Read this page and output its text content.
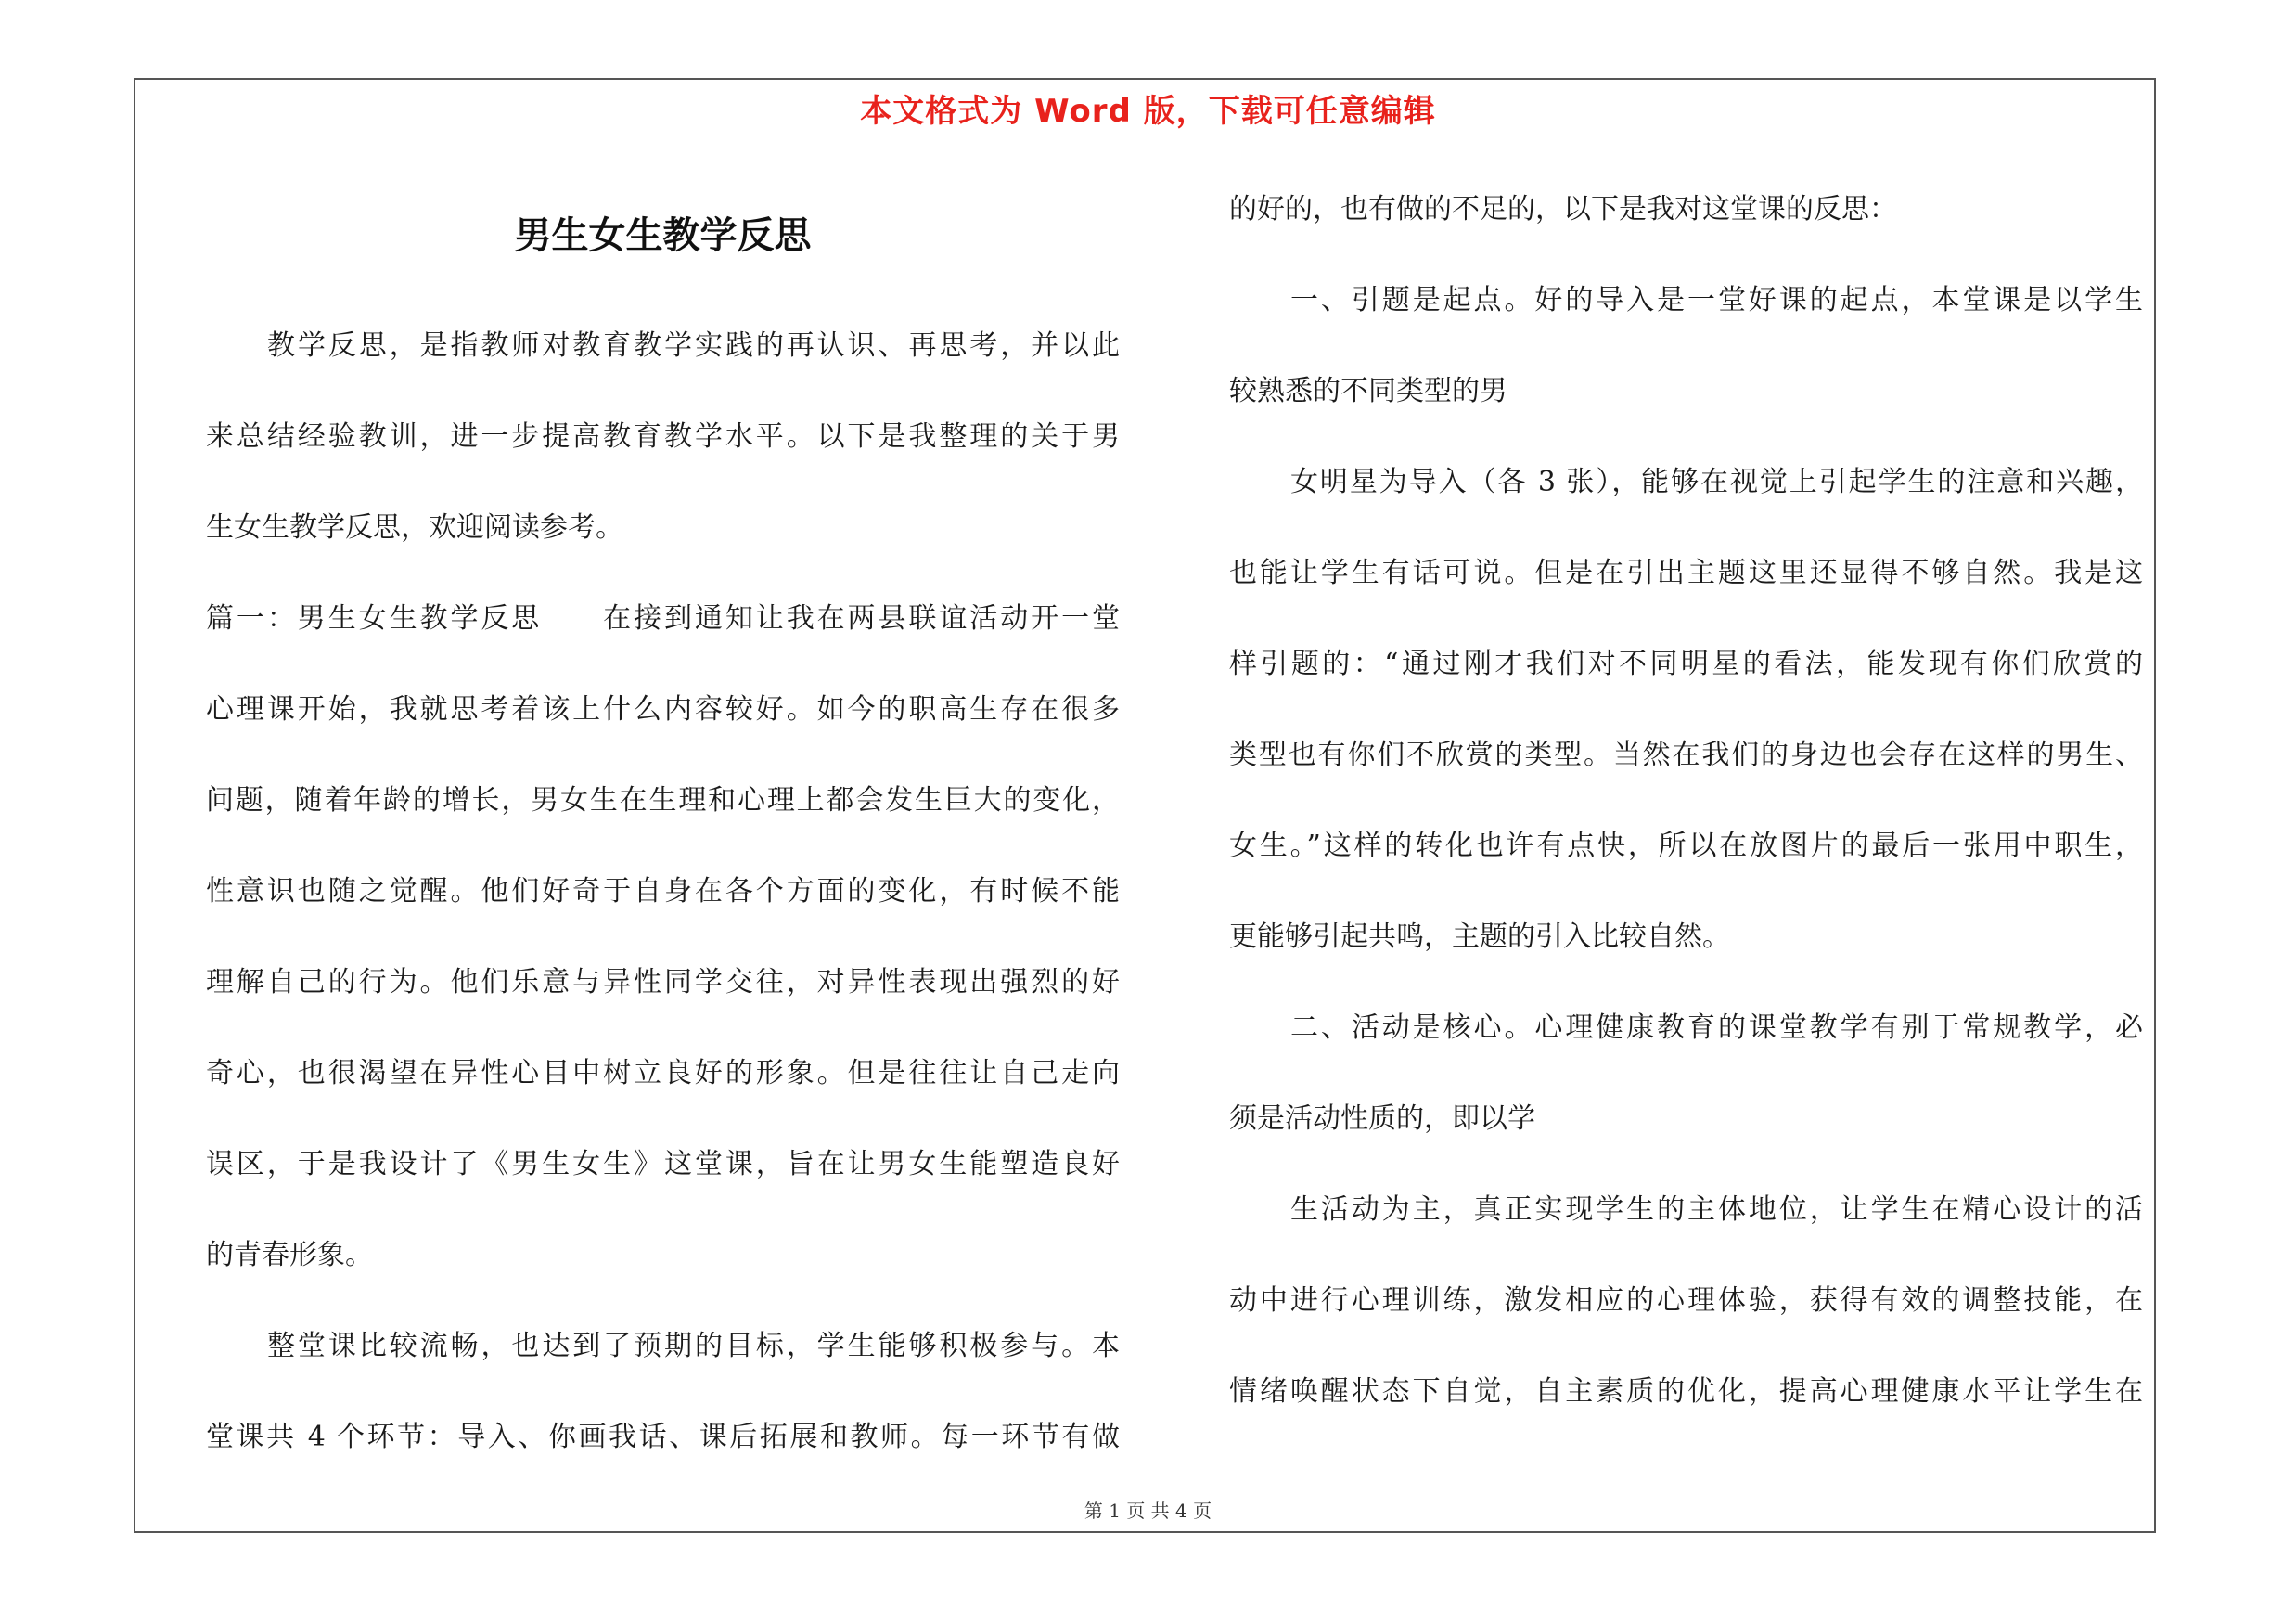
本文格式为 Word 版，下载可任意编辑
男生女生教学反思
教学反思，是指教师对教育教学实践的再认识、再思考，并以此
来总结经验教训，进一步提高教育教学水平。以下是我整理的关于男
生女生教学反思，欢迎阅读参考。
篇一：男生女生教学反思　　在接到通知让我在两县联谊活动开一堂
心理课开始，我就思考着该上什么内容较好。如今的职高生存在很多
问题，随着年龄的增长，男女生在生理和心理上都会发生巨大的变化，
性意识也随之觉醒。他们好奇于自身在各个方面的变化，有时候不能
理解自己的行为。他们乐意与异性同学交往，对异性表现出强烈的好
奇心，也很渴望在异性心目中树立良好的形象。但是往往让自己走向
误区，于是我设计了《男生女生》这堂课，旨在让男女生能塑造良好
的青春形象。
整堂课比较流畅，也达到了预期的目标，学生能够积极参与。本
堂课共 4 个环节：导入、你画我话、课后拓展和教师。每一环节有做
的好的，也有做的不足的，以下是我对这堂课的反思：
一、引题是起点。好的导入是一堂好课的起点，本堂课是以学生
较熟悉的不同类型的男
女明星为导入（各 3 张），能够在视觉上引起学生的注意和兴趣，
也能让学生有话可说。但是在引出主题这里还显得不够自然。我是这
样引题的：“通过刚才我们对不同明星的看法，能发现有你们欣赏的
类型也有你们不欣赏的类型。当然在我们的身边也会存在这样的男生、
女生。”这样的转化也许有点快，所以在放图片的最后一张用中职生，
更能够引起共鸣，主题的引入比较自然。
二、活动是核心。心理健康教育的课堂教学有别于常规教学，必
须是活动性质的，即以学
生活动为主，真正实现学生的主体地位，让学生在精心设计的活
动中进行心理训练，激发相应的心理体验，获得有效的调整技能，在
情绪唤醒状态下自觉，自主素质的优化，提高心理健康水平让学生在
第 1 页 共 4 页
